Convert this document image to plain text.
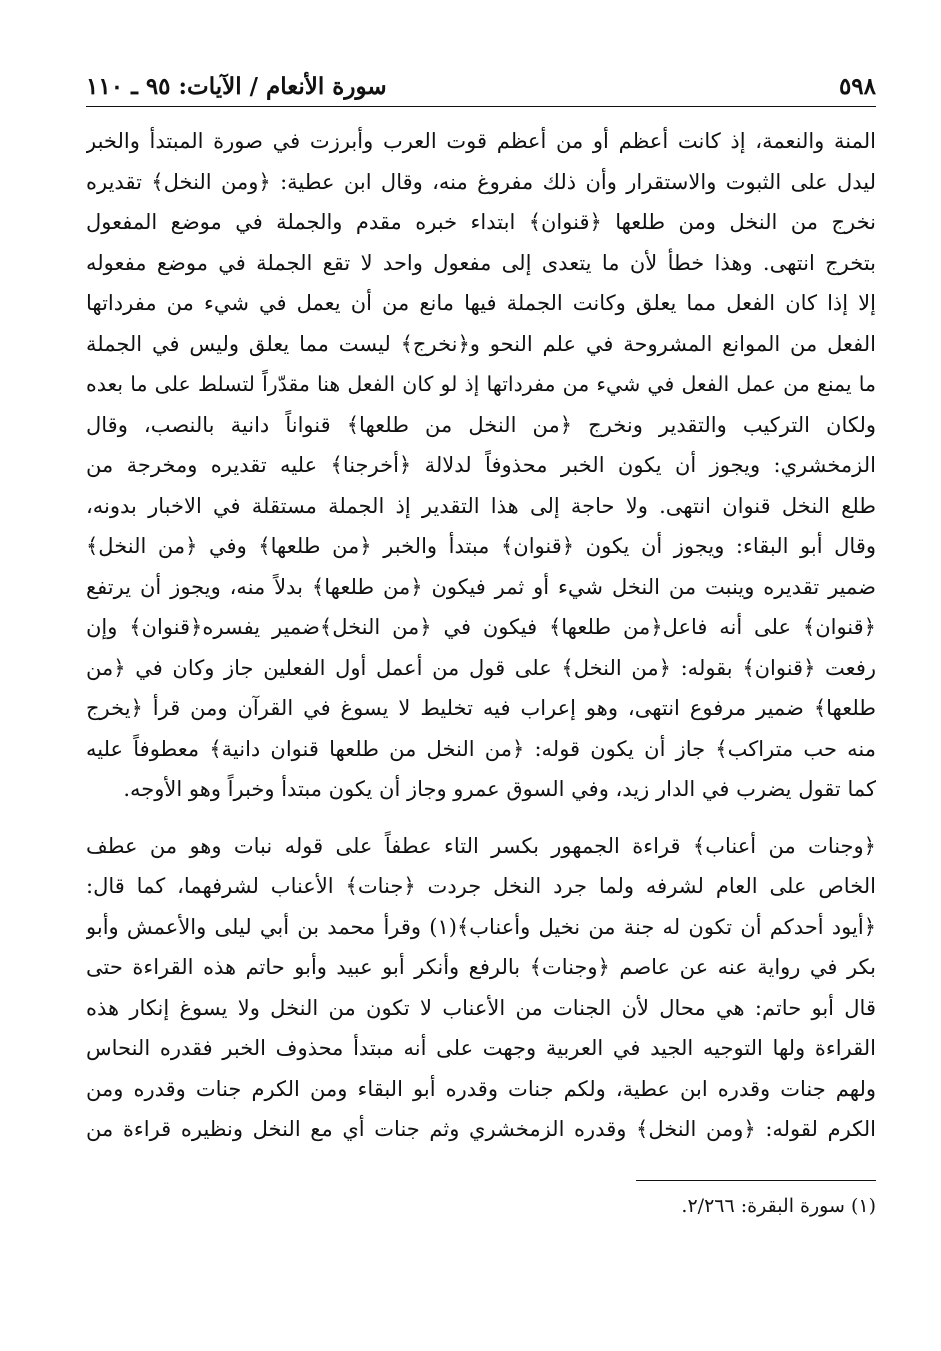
٥٩٨
سورة الأنعام / الآيات: ٩٥ ـ ١١٠
المنة والنعمة، إذ كانت أعظم أو من أعظم قوت العرب وأبرزت في صورة المبتدأ والخبر
ليدل على الثبوت والاستقرار وأن ذلك مفروغ منه، وقال ابن عطية: ﴿ومن النخل﴾ تقديره
نخرج من النخل ومن طلعها ﴿قنوان﴾ ابتداء خبره مقدم والجملة في موضع المفعول
بتخرج انتهى. وهذا خطأ لأن ما يتعدى إلى مفعول واحد لا تقع الجملة في موضع مفعوله
إلا إذا كان الفعل مما يعلق وكانت الجملة فيها مانع من أن يعمل في شيء من مفرداتها
الفعل من الموانع المشروحة في علم النحو و﴿نخرج﴾ ليست مما يعلق وليس في الجملة
ما يمنع من عمل الفعل في شيء من مفرداتها إذ لو كان الفعل هنا مقدّراً لتسلط على ما بعده
ولكان التركيب والتقدير ونخرج ﴿من النخل من طلعها﴾ قنواناً دانية بالنصب، وقال
الزمخشري: ويجوز أن يكون الخبر محذوفاً لدلالة ﴿أخرجنا﴾ عليه تقديره ومخرجة من
طلع النخل قنوان انتهى. ولا حاجة إلى هذا التقدير إذ الجملة مستقلة في الاخبار بدونه،
وقال أبو البقاء: ويجوز أن يكون ﴿قنوان﴾ مبتدأ والخبر ﴿من طلعها﴾ وفي ﴿من النخل﴾
ضمير تقديره وينبت من النخل شيء أو ثمر فيكون ﴿من طلعها﴾ بدلاً منه، ويجوز أن يرتفع
﴿قنوان﴾ على أنه فاعل﴿من طلعها﴾ فيكون في ﴿من النخل﴾ضمير يفسره﴿قنوان﴾ وإن
رفعت ﴿قنوان﴾ بقوله: ﴿من النخل﴾ على قول من أعمل أول الفعلين جاز وكان في ﴿من
طلعها﴾ ضمير مرفوع انتهى، وهو إعراب فيه تخليط لا يسوغ في القرآن ومن قرأ ﴿يخرج
منه حب متراكب﴾ جاز أن يكون قوله: ﴿من النخل من طلعها قنوان دانية﴾ معطوفاً عليه
كما تقول يضرب في الدار زيد، وفي السوق عمرو وجاز أن يكون مبتدأ وخبراً وهو الأوجه.
﴿وجنات من أعناب﴾ قراءة الجمهور بكسر التاء عطفاً على قوله نبات وهو من عطف
الخاص على العام لشرفه ولما جرد النخل جردت ﴿جنات﴾ الأعناب لشرفهما، كما قال:
﴿أيود أحدكم أن تكون له جنة من نخيل وأعناب﴾(١) وقرأ محمد بن أبي ليلى والأعمش وأبو
بكر في رواية عنه عن عاصم ﴿وجنات﴾ بالرفع وأنكر أبو عبيد وأبو حاتم هذه القراءة حتى
قال أبو حاتم: هي محال لأن الجنات من الأعناب لا تكون من النخل ولا يسوغ إنكار هذه
القراءة ولها التوجيه الجيد في العربية وجهت على أنه مبتدأ محذوف الخبر فقدره النحاس
ولهم جنات وقدره ابن عطية، ولكم جنات وقدره أبو البقاء ومن الكرم جنات وقدره ومن
الكرم لقوله: ﴿ومن النخل﴾ وقدره الزمخشري وثم جنات أي مع النخل ونظيره قراءة من
(١) سورة البقرة: ٢/٢٦٦.
